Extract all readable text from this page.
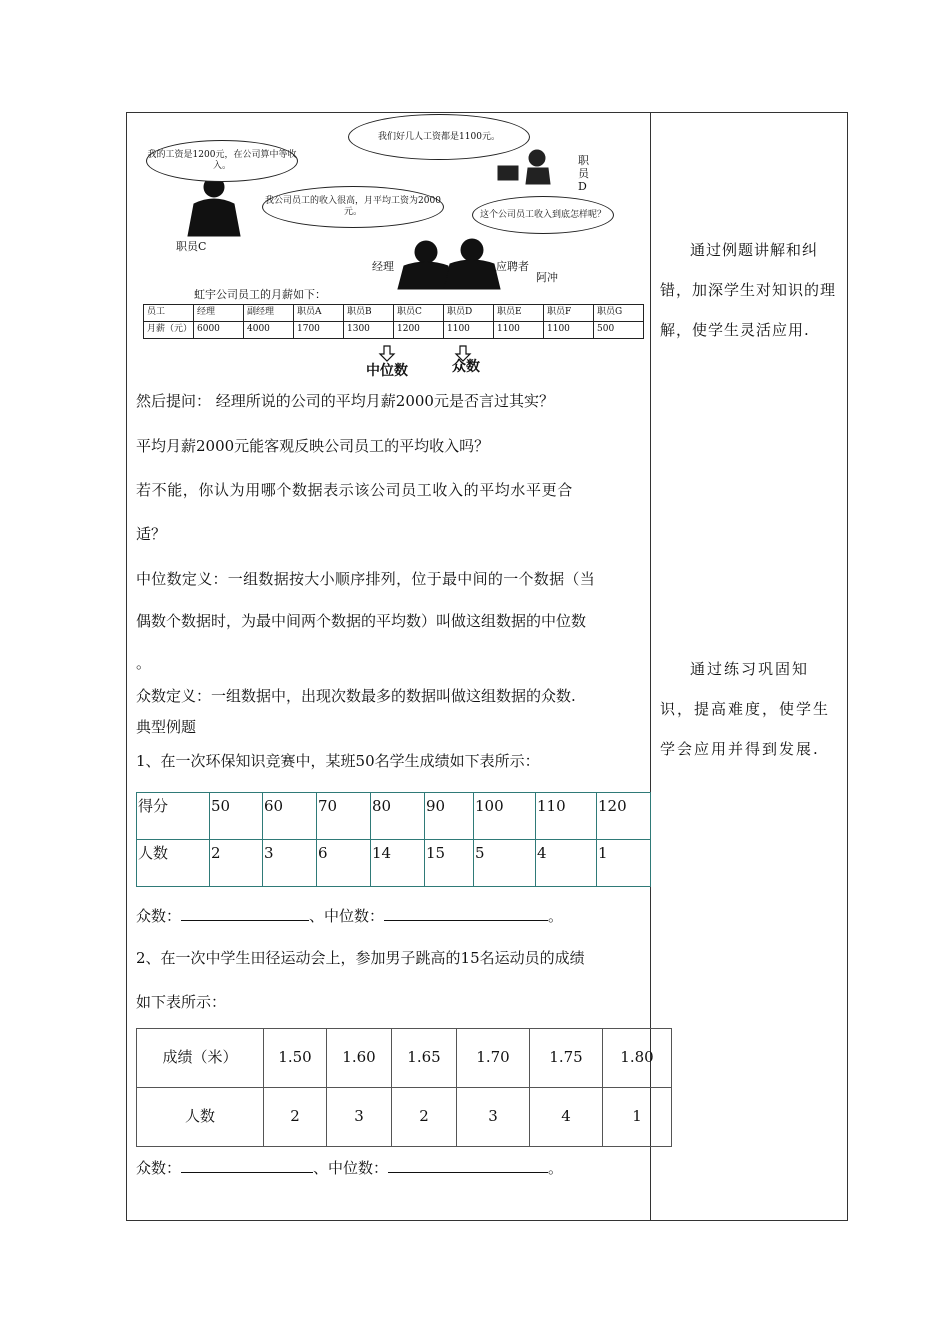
我们好几人工资都是1100元。
我的工资是1200元，在公司算中等收入。
我公司员工的收入很高，月平均工资为2000元。	这个公司员工收入到底怎样呢？
职员C
职员D
经理	应聘者
阿冲
虹宇公司员工的月薪如下：
员工	经理	副经理	职员A	职员B	职员C	职员D	职员E	职员F	职员G
月薪（元）	6000	4000	1700	1300	1200	1100	1100	1100	500
中位数	众数
然后提问： 经理所说的公司的平均月薪2000元是否言过其实？
平均月薪2000元能客观反映公司员工的平均收入吗？
若不能，你认为用哪个数据表示该公司员工收入的平均水平更合
适？
中位数定义：一组数据按大小顺序排列，位于最中间的一个数据（当
偶数个数据时，为最中间两个数据的平均数）叫做这组数据的中位数
。
众数定义：一组数据中，出现次数最多的数据叫做这组数据的众数.
典型例题
1、在一次环保知识竞赛中，某班50名学生成绩如下表所示：
得分	50	60	70	80	90	100	110	120
人数	2	3	6	14	15	5	4	1
众数：	、中位数：	。
2、在一次中学生田径运动会上，参加男子跳高的15名运动员的成绩
如下表所示：
成绩（米）	1.50	1.60	1.65	1.70	1.75	1.80
人数	2	3	2	3	4	1
众数：	、中位数：	。
通过例题讲解和纠错，加深学生对知识的理解，使学生灵活应用.
通过练习巩固知识，提高难度，使学生学会应用并得到发展.
